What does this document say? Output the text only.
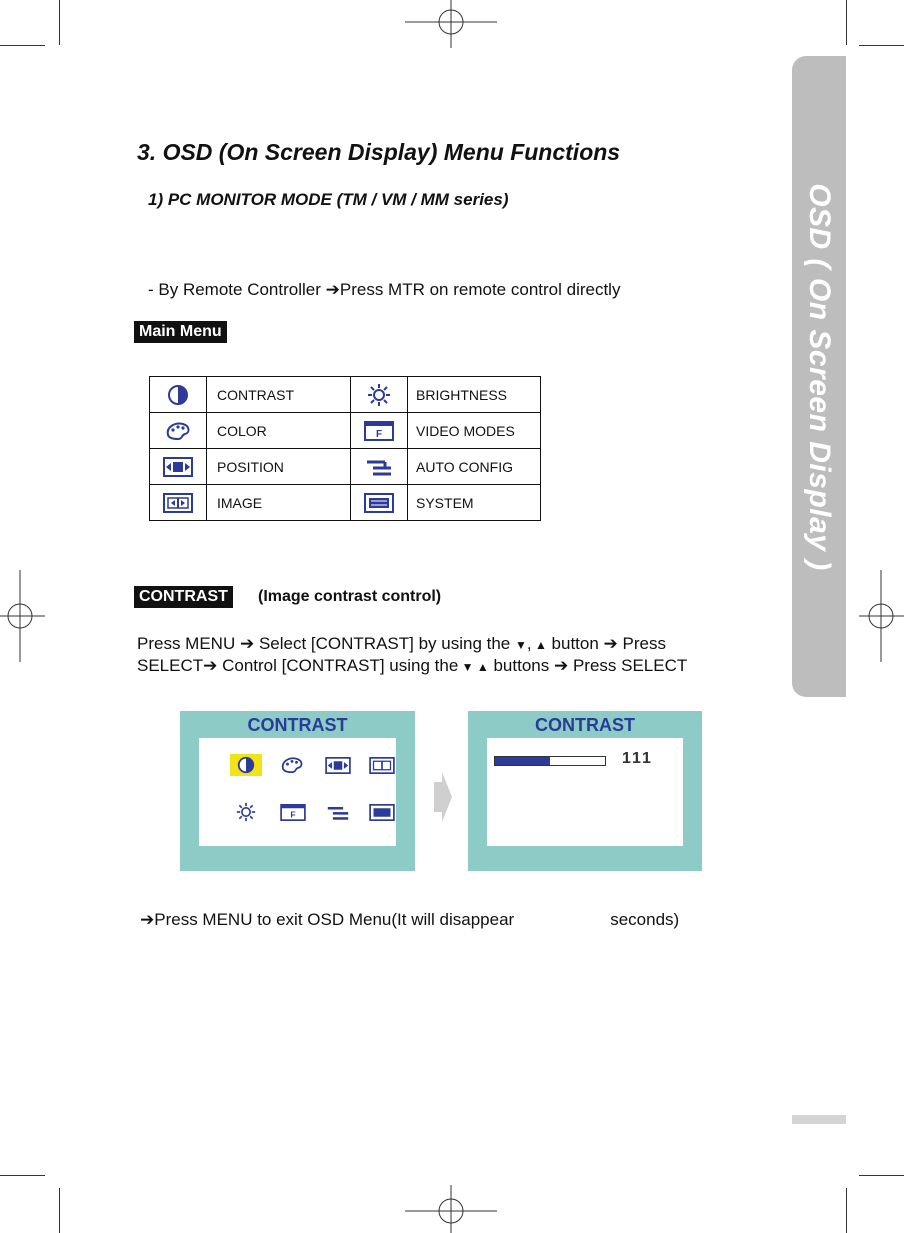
OSD ( On Screen Display )
3. OSD (On Screen Display) Menu Functions
1) PC MONITOR MODE (TM / VM / MM series)
- By Remote Controller ➔Press MTR on remote control directly
Main Menu
	CONTRAST		BRIGHTNESS
	COLOR	F	VIDEO MODES
	POSITION		AUTO CONFIG
	IMAGE		SYSTEM
CONTRAST	(Image contrast control)
Press MENU ➔ Select [CONTRAST] by using the ▼, ▲ button ➔ Press
SELECT➔ Control [CONTRAST] using the ▼ ▲ buttons ➔ Press SELECT
CONTRAST
F
CONTRAST
111
➔Press MENU to exit OSD Menu(It will disappear	seconds)
